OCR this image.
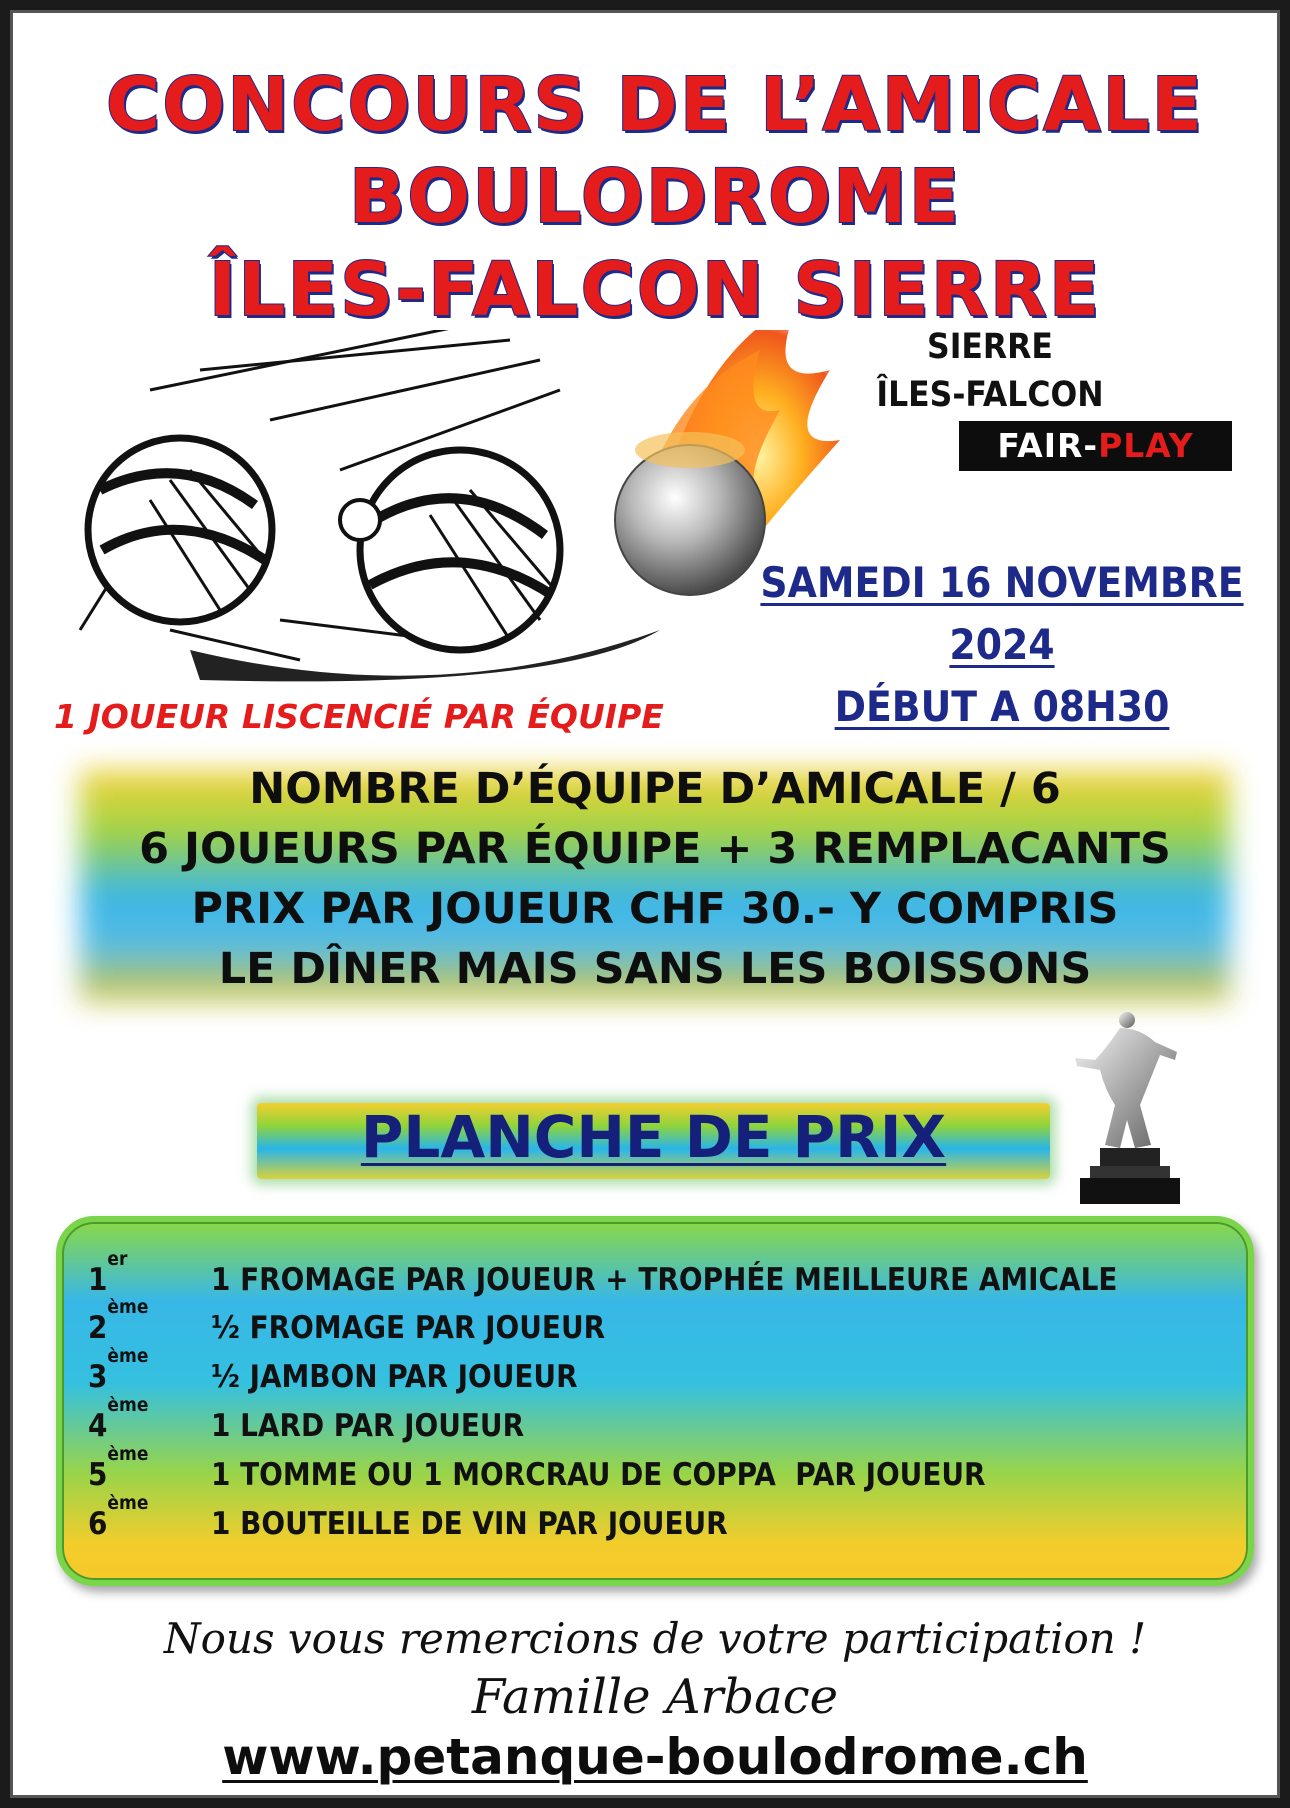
CONCOURS DE L’AMICALE
BOULODROME
ÎLES-FALCON SIERRE
SIERRE
ÎLES-FALCON
FAIR-PLAY
SAMEDI 16 NOVEMBRE
2024
DÉBUT A 08H30
1 JOUEUR LISCENCIÉ PAR ÉQUIPE
NOMBRE D’ÉQUIPE D’AMICALE / 6
6 JOUEURS PAR ÉQUIPE + 3 REMPLACANTS
PRIX PAR JOUEUR CHF 30.- Y COMPRIS
LE DÎNER MAIS SANS LES BOISSONS
PLANCHE DE PRIX
1er
1 FROMAGE PAR JOUEUR + TROPHÉE MEILLEURE AMICALE
2ème
½ FROMAGE PAR JOUEUR
3ème
½ JAMBON PAR JOUEUR
4ème
1 LARD PAR JOUEUR
5ème
1 TOMME OU 1 MORCRAU DE COPPA  PAR JOUEUR
6ème
1 BOUTEILLE DE VIN PAR JOUEUR
Nous vous remercions de votre participation !
Famille Arbace
www.petanque-boulodrome.ch
